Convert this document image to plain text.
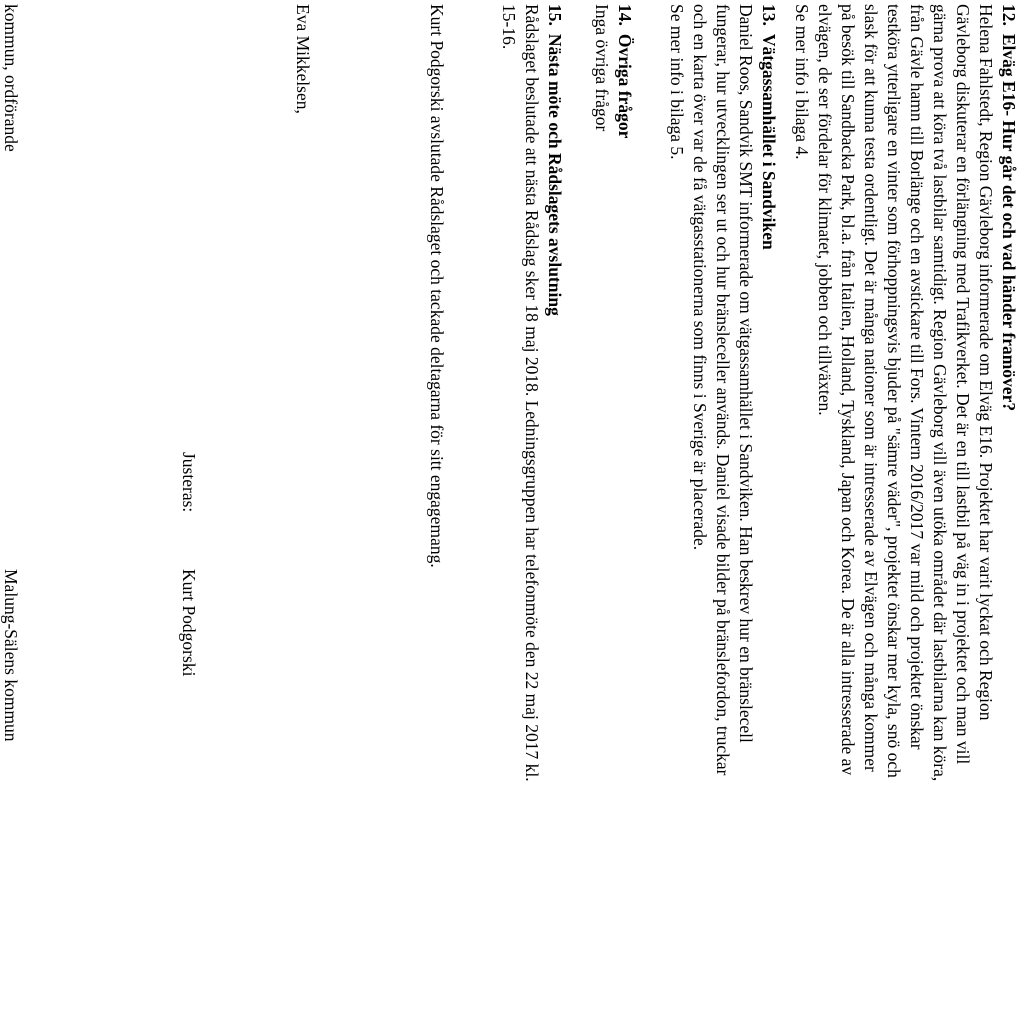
12.Elväg E16- Hur går det och vad händer framöver?
Helena Fahlstedt, Region Gävleborg informerade om Elväg E16. Projektet har varit lyckat och Region
Gävleborg diskuterar en förlängning med Trafikverket. Det är en till lastbil på väg in i projektet och man vill
gärna prova att köra två lastbilar samtidigt. Region Gävleborg vill även utöka området där lastbilarna kan köra,
från Gävle hamn till Borlänge och en avstickare till Fors. Vintern 2016/2017 var mild och projektet önskar
testköra ytterligare en vinter som förhoppningsvis bjuder på "sämre väder", projektet önskar mer kyla, snö och
slask för att kunna testa ordentligt. Det är många nationer som är intresserade av Elvägen och många kommer
på besök till Sandbacka Park, bl.a. från Italien, Holland, Tyskland, Japan och Korea. De är alla intresserade av
elvägen, de ser fördelar för klimatet, jobben och tillväxten.
Se mer info i bilaga 4.
13.Vätgassamhället i Sandviken
Daniel Roos, Sandvik SMT informerade om vätgassamhället i Sandviken. Han beskrev hur en bränslecell
fungerar, hur utvecklingen ser ut och hur bränsleceller används. Daniel visade bilder på bränslefordon, truckar
och en karta över var de få vätgasstationerna som finns i Sverige är placerade.
Se mer info i bilaga 5.
14.Övriga frågor
Inga övriga frågor
15.Nästa möte och Rådslagets avslutning
Rådslaget beslutade att nästa Rådslag sker 18 maj 2018. Ledningsgruppen har telefonmöte den 22 maj 2017 kl.
15-16.
Kurt Podgorski avslutade Rådslaget och tackade deltagarna för sitt engagemang.
Eva Mikkelsen,
kommun, ordförande
Justeras:
Kurt Podgorski
Malung-Sälens kommun
